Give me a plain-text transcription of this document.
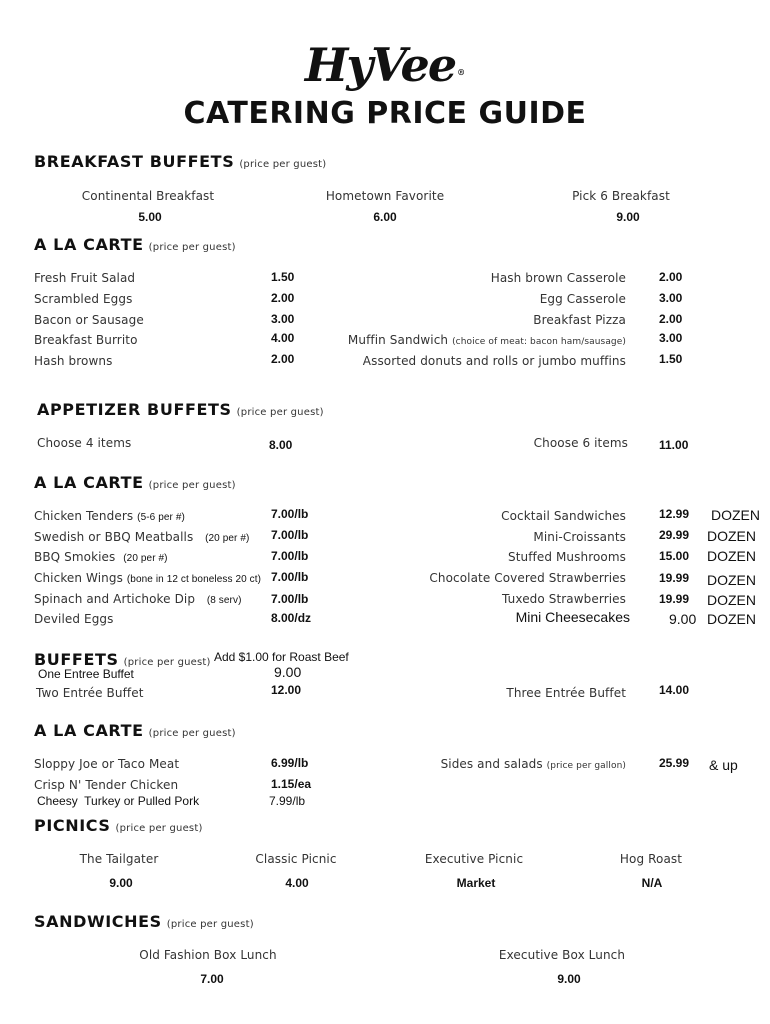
HyVee ®
CATERING PRICE GUIDE
BREAKFAST BUFFETS (price per guest)
Continental Breakfast
5.00
Hometown Favorite
6.00
Pick 6 Breakfast
9.00
A LA CARTE (price per guest)
Fresh Fruit Salad	1.50
Scrambled Eggs	2.00
Bacon or Sausage	3.00
Breakfast Burrito	4.00
Hash browns	2.00
Hash brown Casserole	2.00
Egg Casserole	3.00
Breakfast Pizza	2.00
Muffin Sandwich (choice of meat: bacon ham/sausage)	3.00
Assorted donuts and rolls or jumbo muffins	1.50
APPETIZER BUFFETS (price per guest)
Choose 4 items	8.00	Choose 6 items	11.00
A LA CARTE (price per guest)
Chicken Tenders (5-6 per #)	7.00/lb
Swedish or BBQ Meatballs (20 per #) 7.00/lb
BBQ Smokies (20 per #)	7.00/lb
Chicken Wings (bone in 12 ct boneless 20 ct) 7.00/lb
Spinach and Artichoke Dip (8 serv) 7.00/lb
Deviled Eggs	8.00/dz
Cocktail Sandwiches	12.99 DOZEN
Mini-Croissants	29.99 DOZEN
Stuffed Mushrooms	15.00 DOZEN
Chocolate Covered Strawberries	19.99 DOZEN
Tuxedo Strawberries	19.99 DOZEN
Mini Cheesecakes	9.00 DOZEN
BUFFETS (price per guest) Add $1.00 for Roast Beef
One Entree Buffet	9.00
Two Entrée Buffet	12.00	Three Entrée Buffet	14.00
A LA CARTE (price per guest)
Sloppy Joe or Taco Meat	6.99/lb
Crisp N' Tender Chicken	1.15/ea
Cheesy Turkey or Pulled Pork	7.99/lb
Sides and salads (price per gallon)	25.99 & up
PICNICS (price per guest)
The Tailgater
9.00
Classic Picnic
4.00
Executive Picnic
Market
Hog Roast
N/A
SANDWICHES (price per guest)
Old Fashion Box Lunch
7.00
Executive Box Lunch
9.00
